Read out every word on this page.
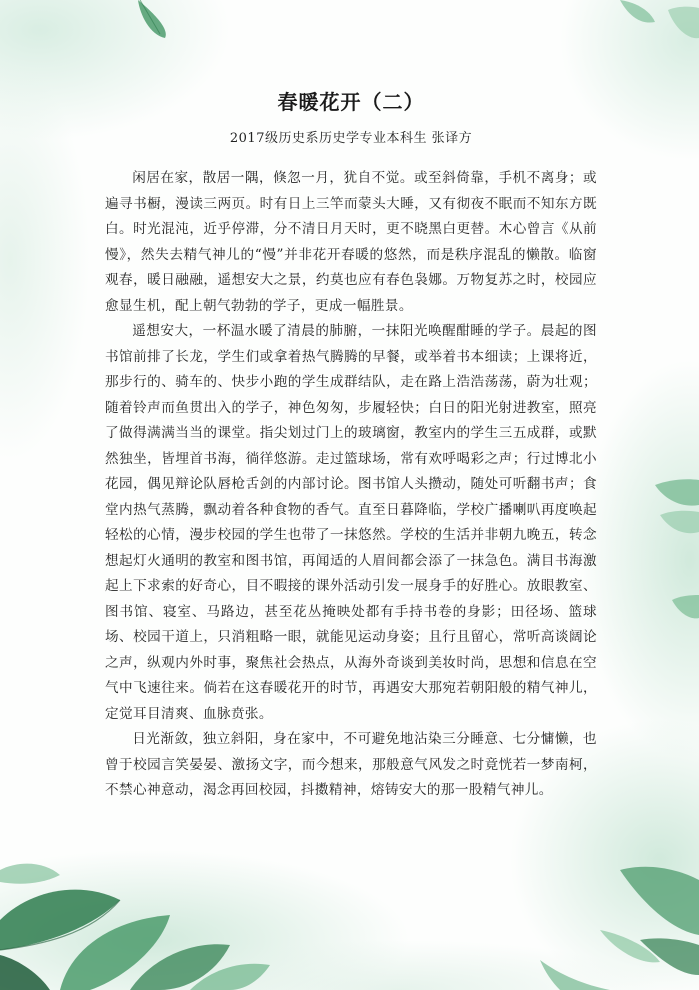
春暖花开（二）
2017级历史系历史学专业本科生 张译方

闲居在家，散居一隅，倏忽一月，犹自不觉。或至斜倚靠，手机不离身；或遍寻书橱，漫读三两页。时有日上三竿而蒙头大睡，又有彻夜不眠而不知东方既白。时光混沌，近乎停滞，分不清日月天时，更不晓黑白更替。木心曾言《从前慢》，然失去精气神儿的“慢”并非花开春暖的悠然，而是秩序混乱的懒散。临窗观春，暖日融融，遥想安大之景，约莫也应有春色袅娜。万物复苏之时，校园应愈显生机，配上朝气勃勃的学子，更成一幅胜景。

遥想安大，一杯温水暖了清晨的肺腑，一抹阳光唤醒酣睡的学子。晨起的图书馆前排了长龙，学生们或拿着热气腾腾的早餐，或举着书本细读；上课将近，那步行的、骑车的、快步小跑的学生成群结队，走在路上浩浩荡荡，蔚为壮观；随着铃声而鱼贯出入的学子，神色匆匆，步履轻快；白日的阳光射进教室，照亮了做得满满当当的课堂。指尖划过门上的玻璃窗，教室内的学生三五成群，或默然独坐，皆埋首书海，徜徉悠游。走过篮球场，常有欢呼喝彩之声；行过博北小花园，偶见辩论队唇枪舌剑的内部讨论。图书馆人头攒动，随处可听翻书声；食堂内热气蒸腾，飘动着各种食物的香气。直至日暮降临，学校广播喇叭再度唤起轻松的心情，漫步校园的学生也带了一抹悠然。学校的生活并非朝九晚五，转念想起灯火通明的教室和图书馆，再闻适的人眉间都会添了一抹急色。满目书海激起上下求索的好奇心，目不暇接的课外活动引发一展身手的好胜心。放眼教室、图书馆、寝室、马路边，甚至花丛掩映处都有手持书卷的身影；田径场、篮球场、校园干道上，只消粗略一眼，就能见运动身姿；且行且留心，常听高谈阔论之声，纵观内外时事，聚焦社会热点，从海外奇谈到美妆时尚，思想和信息在空气中飞速往来。倘若在这春暖花开的时节，再遇安大那宛若朝阳般的精气神儿，定觉耳目清爽、血脉贲张。

日光渐敛，独立斜阳，身在家中，不可避免地沾染三分睡意、七分慵懒，也曾于校园言笑晏晏、激扬文字，而今想来，那般意气风发之时竟恍若一梦南柯，不禁心神意动，渴念再回校园，抖擞精神，熔铸安大的那一股精气神儿。
